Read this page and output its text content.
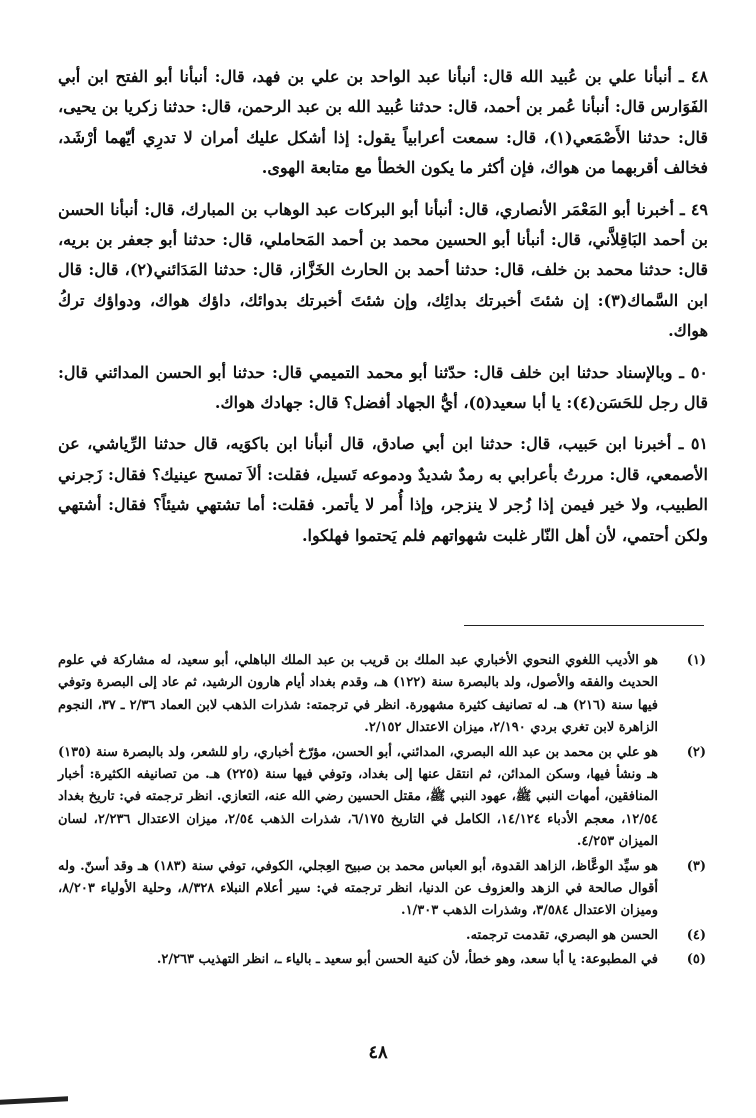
٤٨ ـ أنبأنا علي بن عُبيد الله قال: أنبأنا عبد الواحد بن علي بن فهد، قال: أنبأنا أبو الفتح ابن أبي الفَوَارس قال: أنبأنا عُمر بن أحمد، قال: حدثنا عُبيد الله بن عبد الرحمن، قال: حدثنا زكريا بن يحيى، قال: حدثنا الأَصْمَعي(١)، قال: سمعت أعرابياً يقول: إذا أشكل عليك أمران لا تدرِي أيّهما أرْشَد، فخالف أقربهما من هواك، فإن أكثر ما يكون الخطأ مع متابعة الهوى.

٤٩ ـ أخبرنا أبو المَعْمَر الأنصاري، قال: أنبأنا أبو البركات عبد الوهاب بن المبارك، قال: أنبأنا الحسن بن أحمد البَاقِلاَّني، قال: أنبأنا أبو الحسين محمد بن أحمد المَحاملي، قال: حدثنا أبو جعفر بن بريه، قال: حدثنا محمد بن خلف، قال: حدثنا أحمد بن الحارث الخَزَّاز، قال: حدثنا المَدَائني(٢)، قال: قال ابن السَّماك(٣): إن شئتَ أخبرتك بدائِك، وإن شئتَ أخبرتك بدوائك، داؤك هواك، ودواؤك تركُ هواك.

٥٠ ـ وبالإسناد حدثنا ابن خلف قال: حدّثنا أبو محمد التميمي قال: حدثنا أبو الحسن المدائني قال: قال رجل للحَسَن(٤): يا أبا سعيد(٥)، أيُّ الجهاد أفضل؟ قال: جهادك هواك.

٥١ ـ أخبرنا ابن حَبيب، قال: حدثنا ابن أبي صادق، قال أنبأنا ابن باكوَيه، قال حدثنا الرِّياشي، عن الأصمعي، قال: مررتُ بأعرابي به رمدٌ شديدٌ ودموعه تَسيل، فقلت: ألاَ تمسح عينيك؟ فقال: زَجرني الطبيب، ولا خير فيمن إذا زُجر لا ينزجر، وإذا أُمر لا يأتمر. فقلت: أما تشتهي شيئاً؟ فقال: أشتهي ولكن أحتمي، لأن أهل النّار غلبت شهواتهم فلم يَحتموا فهلكوا.

(١)
هو الأديب اللغوي النحوي الأخباري عبد الملك بن قريب بن عبد الملك الباهلي، أبو سعيد، له مشاركة في علوم الحديث والفقه والأصول، ولد بالبصرة سنة (١٢٢) هـ، وقدم بغداد أيام هارون الرشيد، ثم عاد إلى البصرة وتوفي فيها سنة (٢١٦) هـ. له تصانيف كثيرة مشهورة. انظر في ترجمته: شذرات الذهب لابن العماد ٢/٣٦ ـ ٣٧، النجوم الزاهرة لابن تغري بردي ٢/١٩٠، ميزان الاعتدال ٢/١٥٢.
(٢)
هو علي بن محمد بن عبد الله البصري، المدائني، أبو الحسن، مؤرّخ أخباري، راو للشعر، ولد بالبصرة سنة (١٣٥) هـ ونشأ فيها، وسكن المدائن، ثم انتقل عنها إلى بغداد، وتوفي فيها سنة (٢٢٥) هـ. من تصانيفه الكثيرة: أخبار المنافقين، أمهات النبي ﷺ، عهود النبي ﷺ، مقتل الحسين رضي الله عنه، التعازي. انظر ترجمته في: تاريخ بغداد ١٢/٥٤، معجم الأدباء ١٤/١٢٤، الكامل في التاريخ ٦/١٧٥، شذرات الذهب ٢/٥٤، ميزان الاعتدال ٢/٢٣٦، لسان الميزان ٤/٢٥٣.
(٣)
هو سيِّد الوعَّاظ، الزاهد القدوة، أبو العباس محمد بن صبيح العِجلي، الكوفي، توفي سنة (١٨٣) هـ وقد أسنّ. وله أقوال صالحة في الزهد والعزوف عن الدنيا، انظر ترجمته في: سير أعلام النبلاء ٨/٣٢٨، وحلية الأولياء ٨/٢٠٣، وميزان الاعتدال ٣/٥٨٤، وشذرات الذهب ١/٣٠٣.
(٤)
الحسن هو البصري، تقدمت ترجمته.
(٥)
في المطبوعة: يا أبا سعد، وهو خطأ، لأن كنية الحسن أبو سعيد ـ بالياء ـ، انظر التهذيب ٢/٢٦٣.
٤٨
